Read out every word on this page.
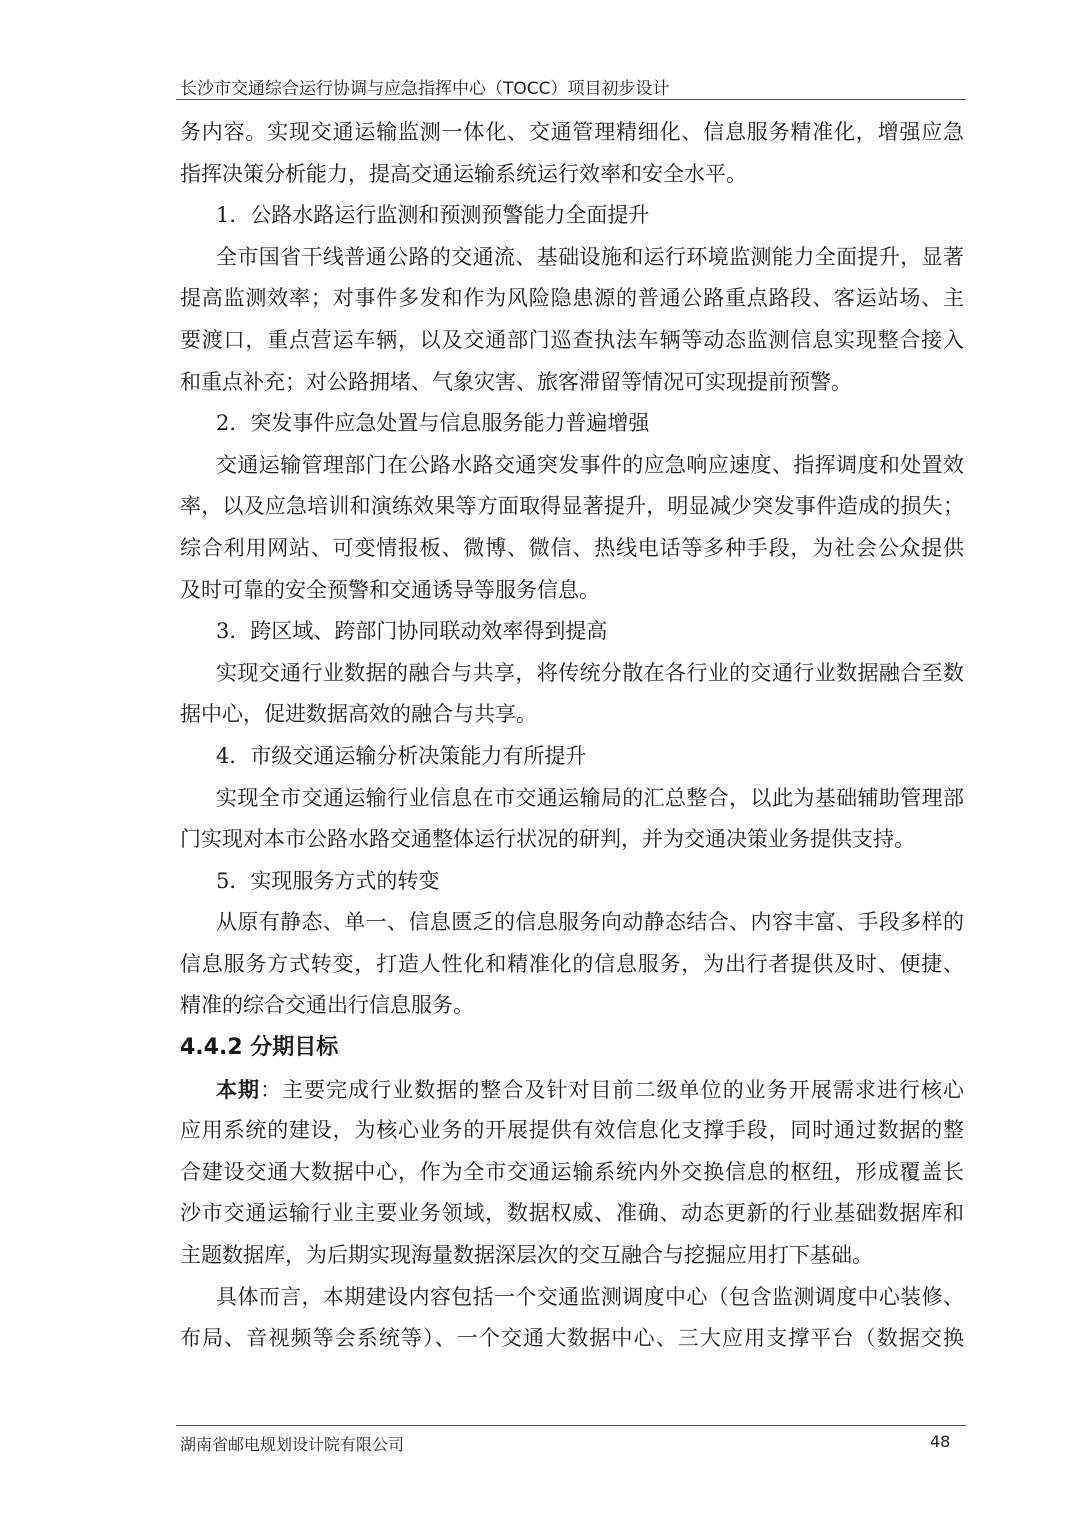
长沙市交通综合运行协调与应急指挥中心（TOCC）项目初步设计
务内容。实现交通运输监测一体化、交通管理精细化、信息服务精准化，增强应急
指挥决策分析能力，提高交通运输系统运行效率和安全水平。
1．公路水路运行监测和预测预警能力全面提升
全市国省干线普通公路的交通流、基础设施和运行环境监测能力全面提升，显著
提高监测效率；对事件多发和作为风险隐患源的普通公路重点路段、客运站场、主
要渡口，重点营运车辆，以及交通部门巡查执法车辆等动态监测信息实现整合接入
和重点补充；对公路拥堵、气象灾害、旅客滞留等情况可实现提前预警。
2．突发事件应急处置与信息服务能力普遍增强
交通运输管理部门在公路水路交通突发事件的应急响应速度、指挥调度和处置效
率，以及应急培训和演练效果等方面取得显著提升，明显减少突发事件造成的损失；
综合利用网站、可变情报板、微博、微信、热线电话等多种手段，为社会公众提供
及时可靠的安全预警和交通诱导等服务信息。
3．跨区域、跨部门协同联动效率得到提高
实现交通行业数据的融合与共享，将传统分散在各行业的交通行业数据融合至数
据中心，促进数据高效的融合与共享。
4．市级交通运输分析决策能力有所提升
实现全市交通运输行业信息在市交通运输局的汇总整合，以此为基础辅助管理部
门实现对本市公路水路交通整体运行状况的研判，并为交通决策业务提供支持。
5．实现服务方式的转变
从原有静态、单一、信息匮乏的信息服务向动静态结合、内容丰富、手段多样的
信息服务方式转变，打造人性化和精准化的信息服务，为出行者提供及时、便捷、
精准的综合交通出行信息服务。
4.4.2 分期目标
本期：主要完成行业数据的整合及针对目前二级单位的业务开展需求进行核心
应用系统的建设，为核心业务的开展提供有效信息化支撑手段，同时通过数据的整
合建设交通大数据中心，作为全市交通运输系统内外交换信息的枢纽，形成覆盖长
沙市交通运输行业主要业务领域，数据权威、准确、动态更新的行业基础数据库和
主题数据库，为后期实现海量数据深层次的交互融合与挖掘应用打下基础。
具体而言，本期建设内容包括一个交通监测调度中心（包含监测调度中心装修、
布局、音视频等会系统等）、一个交通大数据中心、三大应用支撑平台（数据交换
湖南省邮电规划设计院有限公司	48
